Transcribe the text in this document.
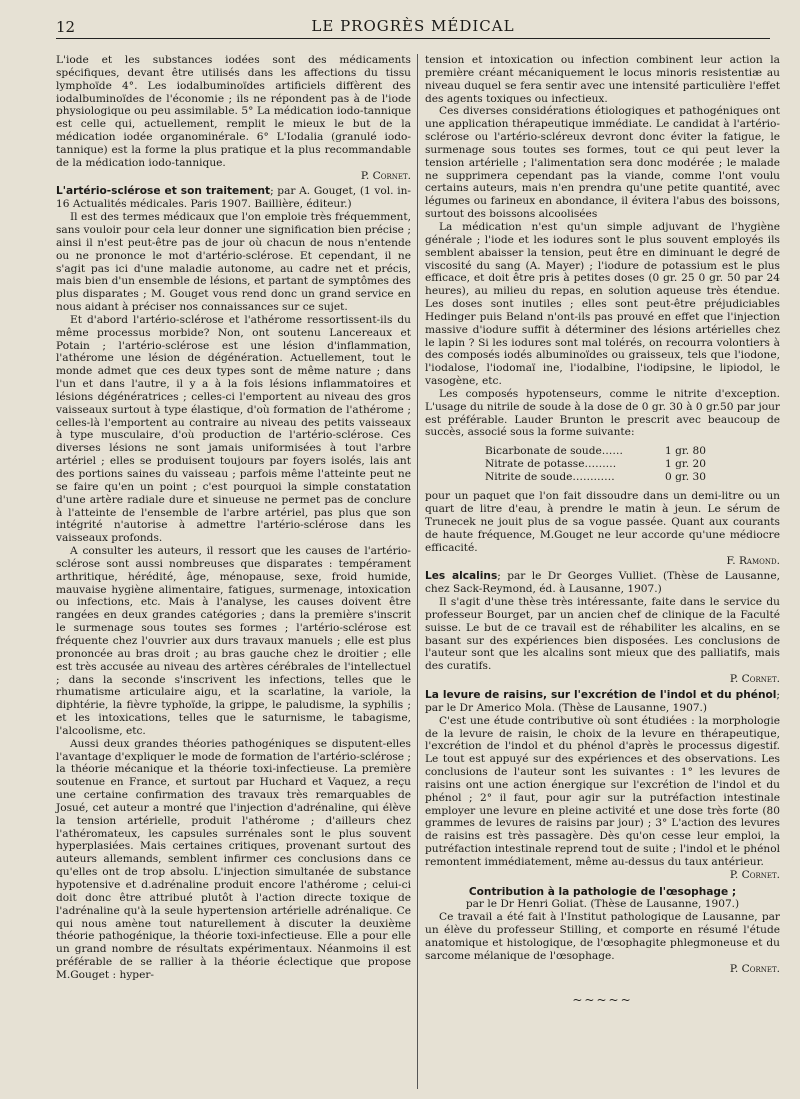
12	LE PROGRÈS MÉDICAL

L'iode et les substances iodées sont des médicaments spécifiques, devant être utilisés dans les affections du tissu lymphoïde 4°. Les iodalbuminoïdes artificiels diffèrent des iodalbuminoïdes de l'économie ; ils ne répondent pas à de l'iode physiologique ou peu assimilable. 5° La médication iodo-tannique est celle qui, actuellement, remplit le mieux le but de la médication iodée organominérale. 6° L'Iodalia (granulé iodo-tannique) est la forme la plus pratique et la plus recommandable de la médication iodo-tannique.

P. Cornet.

L'artério-sclérose et son traitement; par A. Gouget, (1 vol. in-16 Actualités médicales. Paris 1907. Baillière, éditeur.)

Il est des termes médicaux que l'on emploie très fréquemment, sans vouloir pour cela leur donner une signification bien précise ; ainsi il n'est peut-être pas de jour où chacun de nous n'entende ou ne prononce le mot d'artério-sclérose. Et cependant, il ne s'agit pas ici d'une maladie autonome, au cadre net et précis, mais bien d'un ensemble de lésions, et partant de symptômes des plus disparates ; M. Gouget vous rend donc un grand service en nous aidant à préciser nos connaissances sur ce sujet.

Et d'abord l'artério-sclérose et l'athérome ressortissent-ils du même processus morbide? Non, ont soutenu Lancereaux et Potain ; l'artério-sclérose est une lésion d'inflammation, l'athérome une lésion de dégénération. Actuellement, tout le monde admet que ces deux types sont de même nature ; dans l'un et dans l'autre, il y a à la fois lésions inflammatoires et lésions dégénératrices ; celles-ci l'emportent au niveau des gros vaisseaux surtout à type élastique, d'où formation de l'athérome ; celles-là l'emportent au contraire au niveau des petits vaisseaux à type musculaire, d'où production de l'artério-sclérose. Ces diverses lésions ne sont jamais uniformisées à tout l'arbre artériel ; elles se produisent toujours par foyers isolés, lais ant des portions saines du vaisseau ; parfois même l'atteinte peut ne se faire qu'en un point ; c'est pourquoi la simple constatation d'une artère radiale dure et sinueuse ne permet pas de conclure à l'atteinte de l'ensemble de l'arbre artériel, pas plus que son intégrité n'autorise à admettre l'artério-sclérose dans les vaisseaux profonds.

A consulter les auteurs, il ressort que les causes de l'artério-sclérose sont aussi nombreuses que disparates : tempérament arthritique, hérédité, âge, ménopause, sexe, froid humide, mauvaise hygiène alimentaire, fatigues, surmenage, intoxication ou infections, etc. Mais à l'analyse, les causes doivent être rangées en deux grandes catégories ; dans la première s'inscrit le surmenage sous toutes ses formes ; l'artério-sclérose est fréquente chez l'ouvrier aux durs travaux manuels ; elle est plus prononcée au bras droit ; au bras gauche chez le droitier ; elle est très accusée au niveau des artères cérébrales de l'intellectuel ; dans la seconde s'inscrivent les infections, telles que le rhumatisme articulaire aigu, et la scarlatine, la variole, la diphtérie, la fièvre typhoïde, la grippe, le paludisme, la syphilis ; et les intoxications, telles que le saturnisme, le tabagisme, l'alcoolisme, etc.

Aussi deux grandes théories pathogéniques se disputent-elles l'avantage d'expliquer le mode de formation de l'artério-sclérose ; la théorie mécanique et la théorie toxi-infectieuse. La première soutenue en France, et surtout par Huchard et Vaquez, a reçu une certaine confirmation des travaux très remarquables de Josué, cet auteur a montré que l'injection d'adrénaline, qui élève la tension artérielle, produit l'athérome ; d'ailleurs chez l'athéromateux, les capsules surrénales sont le plus souvent hyperplasiées. Mais certaines critiques, provenant surtout des auteurs allemands, semblent infirmer ces conclusions dans ce qu'elles ont de trop absolu. L'injection simultanée de substance hypotensive et d.adrénaline produit encore l'athérome ; celui-ci doit donc être attribué plutôt à l'action directe toxique de l'adrénaline qu'à la seule hypertension artérielle adrénalique. Ce qui nous amène tout naturellement à discuter la deuxième théorie pathogénique, la théorie toxi-infectieuse. Elle a pour elle un grand nombre de résultats expérimentaux. Néanmoins il est préférable de se rallier à la théorie éclectique que propose M.Gouget : hyper-

tension et intoxication ou infection combinent leur action la première créant mécaniquement le locus minoris resistentiæ au niveau duquel se fera sentir avec une intensité particulière l'effet des agents toxiques ou infectieux.

Ces diverses considérations étiologiques et pathogéniques ont une application thérapeutique immédiate. Le candidat à l'artério-sclérose ou l'artério-scléreux devront donc éviter la fatigue, le surmenage sous toutes ses formes, tout ce qui peut lever la tension artérielle ; l'alimentation sera donc modérée ; le malade ne supprimera cependant pas la viande, comme l'ont voulu certains auteurs, mais n'en prendra qu'une petite quantité, avec légumes ou farineux en abondance, il évitera l'abus des boissons, surtout des boissons alcoolisées

La médication n'est qu'un simple adjuvant de l'hygiène générale ; l'iode et les iodures sont le plus souvent employés ils semblent abaisser la tension, peut être en diminuant le degré de viscosité du sang (A. Mayer) ; l'iodure de potassium est le plus efficace, et doit être pris à petites doses (0 gr. 25 0 gr. 50 par 24 heures), au milieu du repas, en solution aqueuse très étendue. Les doses sont inutiles ; elles sont peut-être préjudiciables Hedinger puis Beland n'ont-ils pas prouvé en effet que l'injection massive d'iodure suffit à déterminer des lésions artérielles chez le lapin ? Si les iodures sont mal tolérés, on recourra volontiers à des composés iodés albuminoïdes ou graisseux, tels que l'iodone, l'iodalose, l'iodomaï ine, l'iodalbine, l'iodipsine, le lipiodol, le vasogène, etc.

Les composés hypotenseurs, comme le nitrite d'exception. L'usage du nitrile de soude à la dose de 0 gr. 30 à 0 gr.50 par jour est préférable. Lauder Brunton le prescrit avec beaucoup de succès, associé sous la forme suivante:

Bicarbonate de soude……	1 gr. 80
Nitrate de potasse………	1 gr. 20
Nitrite de soude…………	0 gr. 30

pour un paquet que l'on fait dissoudre dans un demi-litre ou un quart de litre d'eau, à prendre le matin à jeun. Le sérum de Trunecek ne jouit plus de sa vogue passée. Quant aux courants de haute fréquence, M.Gouget ne leur accorde qu'une médiocre efficacité.

F. Ramond.

Les alcalins; par le Dr Georges Vulliet. (Thèse de Lausanne, chez Sack-Reymond, éd. à Lausanne, 1907.)

Il s'agit d'une thèse très intéressante, faite dans le service du professeur Bourget, par un ancien chef de clinique de la Faculté suisse. Le but de ce travail est de réhabiliter les alcalins, en se basant sur des expériences bien disposées. Les conclusions de l'auteur sont que les alcalins sont mieux que des palliatifs, mais des curatifs.

P. Cornet.

La levure de raisins, sur l'excrétion de l'indol et du phénol; par le Dr Americo Mola. (Thèse de Lausanne, 1907.)

C'est une étude contributive où sont étudiées : la morphologie de la levure de raisin, le choix de la levure en thérapeutique, l'excrétion de l'indol et du phénol d'après le processus digestif. Le tout est appuyé sur des expériences et des observations. Les conclusions de l'auteur sont les suivantes : 1° les levures de raisins ont une action énergique sur l'excrétion de l'indol et du phénol ; 2° il faut, pour agir sur la putréfaction intestinale employer une levure en pleine activité et une dose très forte (80 grammes de levures de raisins par jour) ; 3° L'action des levures de raisins est très passagère. Dès qu'on cesse leur emploi, la putréfaction intestinale reprend tout de suite ; l'indol et le phénol remontent immédiatement, même au-dessus du taux antérieur.

P. Cornet.

Contribution à la pathologie de l'œsophage ;
par le Dr Henri Goliat. (Thèse de Lausanne, 1907.)

Ce travail a été fait à l'Institut pathologique de Lausanne, par un élève du professeur Stilling, et comporte en résumé l'étude anatomique et histologique, de l'œsophagite phlegmoneuse et du sarcome mélanique de l'œsophage.

P. Cornet.
~~~~~
